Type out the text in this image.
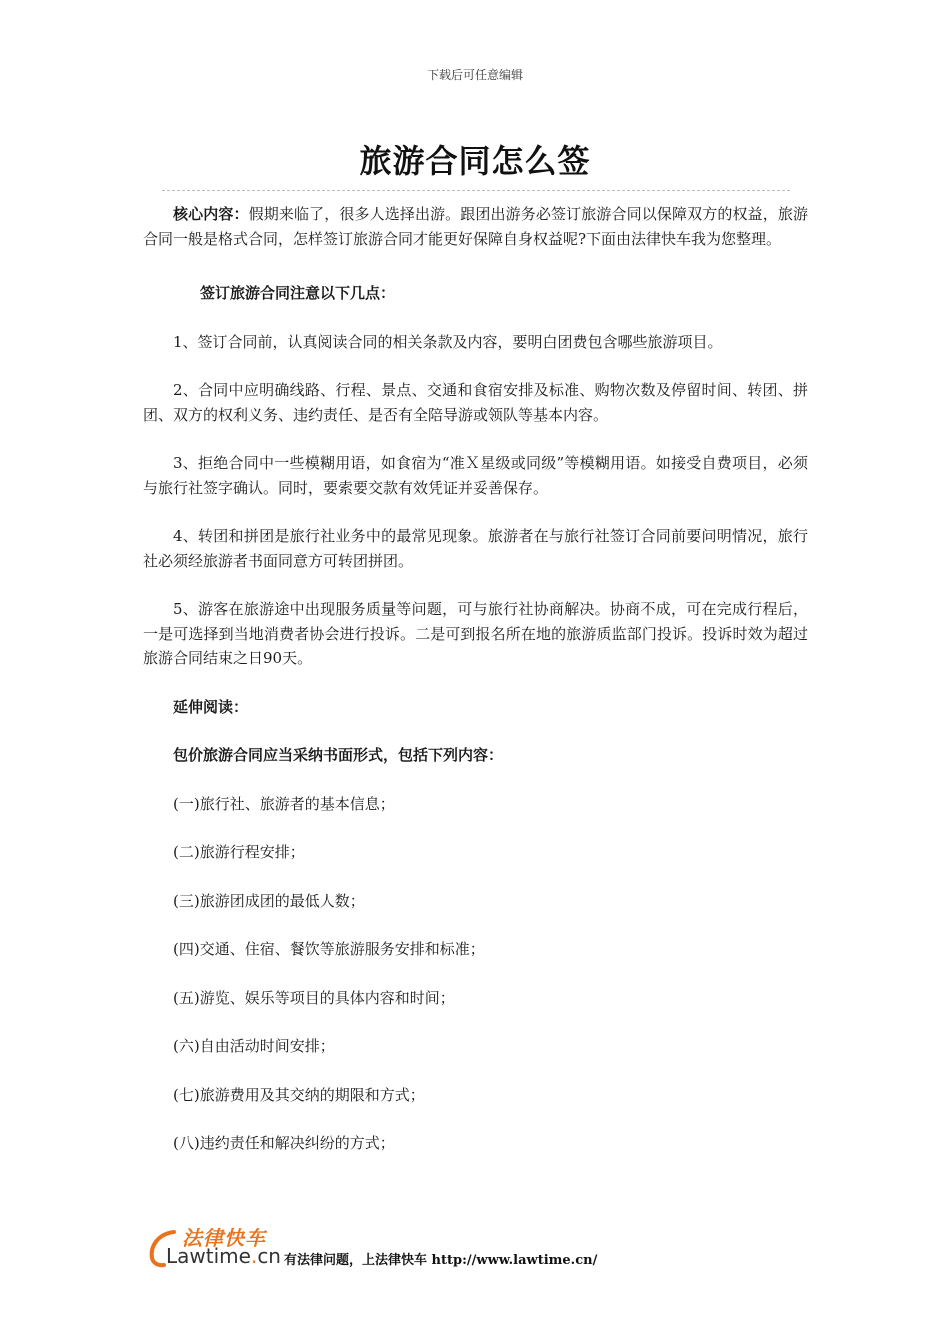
下载后可任意编辑
旅游合同怎么签

核心内容：假期来临了，很多人选择出游。跟团出游务必签订旅游合同以保障双方的权益，旅游合同一般是格式合同，怎样签订旅游合同才能更好保障自身权益呢?下面由法律快车我为您整理。

签订旅游合同注意以下几点：

1、签订合同前，认真阅读合同的相关条款及内容，要明白团费包含哪些旅游项目。

2、合同中应明确线路、行程、景点、交通和食宿安排及标准、购物次数及停留时间、转团、拼团、双方的权利义务、违约责任、是否有全陪导游或领队等基本内容。

3、拒绝合同中一些模糊用语，如食宿为“准Ｘ星级或同级”等模糊用语。如接受自费项目，必须与旅行社签字确认。同时，要索要交款有效凭证并妥善保存。

4、转团和拼团是旅行社业务中的最常见现象。旅游者在与旅行社签订合同前要问明情况，旅行社必须经旅游者书面同意方可转团拼团。

5、游客在旅游途中出现服务质量等问题，可与旅行社协商解决。协商不成，可在完成行程后，一是可选择到当地消费者协会进行投诉。二是可到报名所在地的旅游质监部门投诉。投诉时效为超过旅游合同结束之日90天。

延伸阅读：

包价旅游合同应当采纳书面形式，包括下列内容：

(一)旅行社、旅游者的基本信息；

(二)旅游行程安排；

(三)旅游团成团的最低人数；

(四)交通、住宿、餐饮等旅游服务安排和标准；

(五)游览、娱乐等项目的具体内容和时间；

(六)自由活动时间安排；

(七)旅游费用及其交纳的期限和方式；

(八)违约责任和解决纠纷的方式；

法律快车
Lawtime.cn 有法律问题，上法律快车 http://www.lawtime.cn/
